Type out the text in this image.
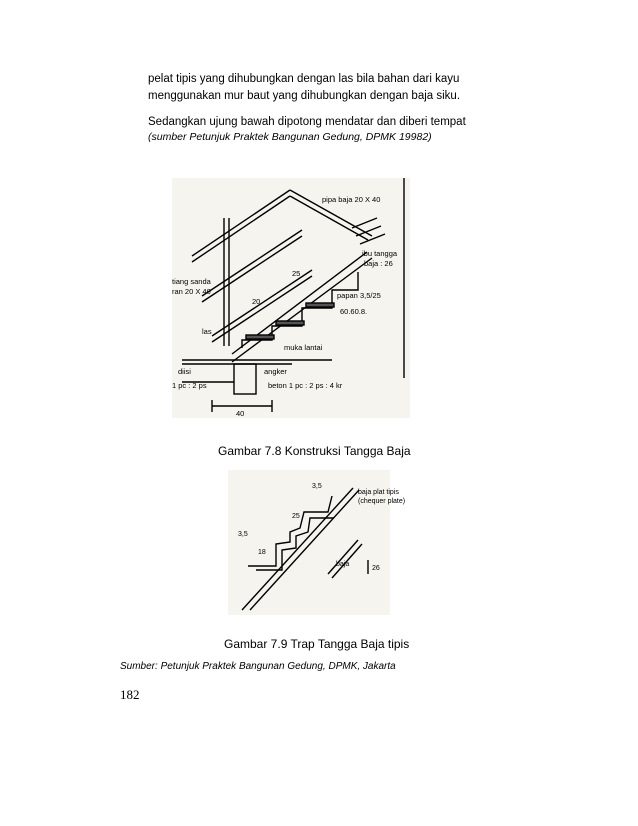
pelat tipis yang dihubungkan dengan las bila bahan dari kayu
menggunakan mur baut yang dihubungkan dengan baja siku.
Sedangkan ujung bawah dipotong mendatar dan diberi tempat
(sumber Petunjuk Praktek Bangunan Gedung, DPMK 19982)
pipa baja 20 X 40
ibu tangga
baja : 26
tiang sanda
ran 20 X 40
25
20
papan 3,5/25
60.60.8.
las
muka lantai
diisi
1 pc : 2 ps
angker
beton 1 pc : 2 ps : 4 kr
40
Gambar 7.8 Konstruksi Tangga Baja
3,5
baja plat tipis
(chequer plate)
25
3,5
18
baja
26
Gambar 7.9 Trap Tangga Baja tipis
Sumber: Petunjuk Praktek Bangunan Gedung, DPMK, Jakarta
182
